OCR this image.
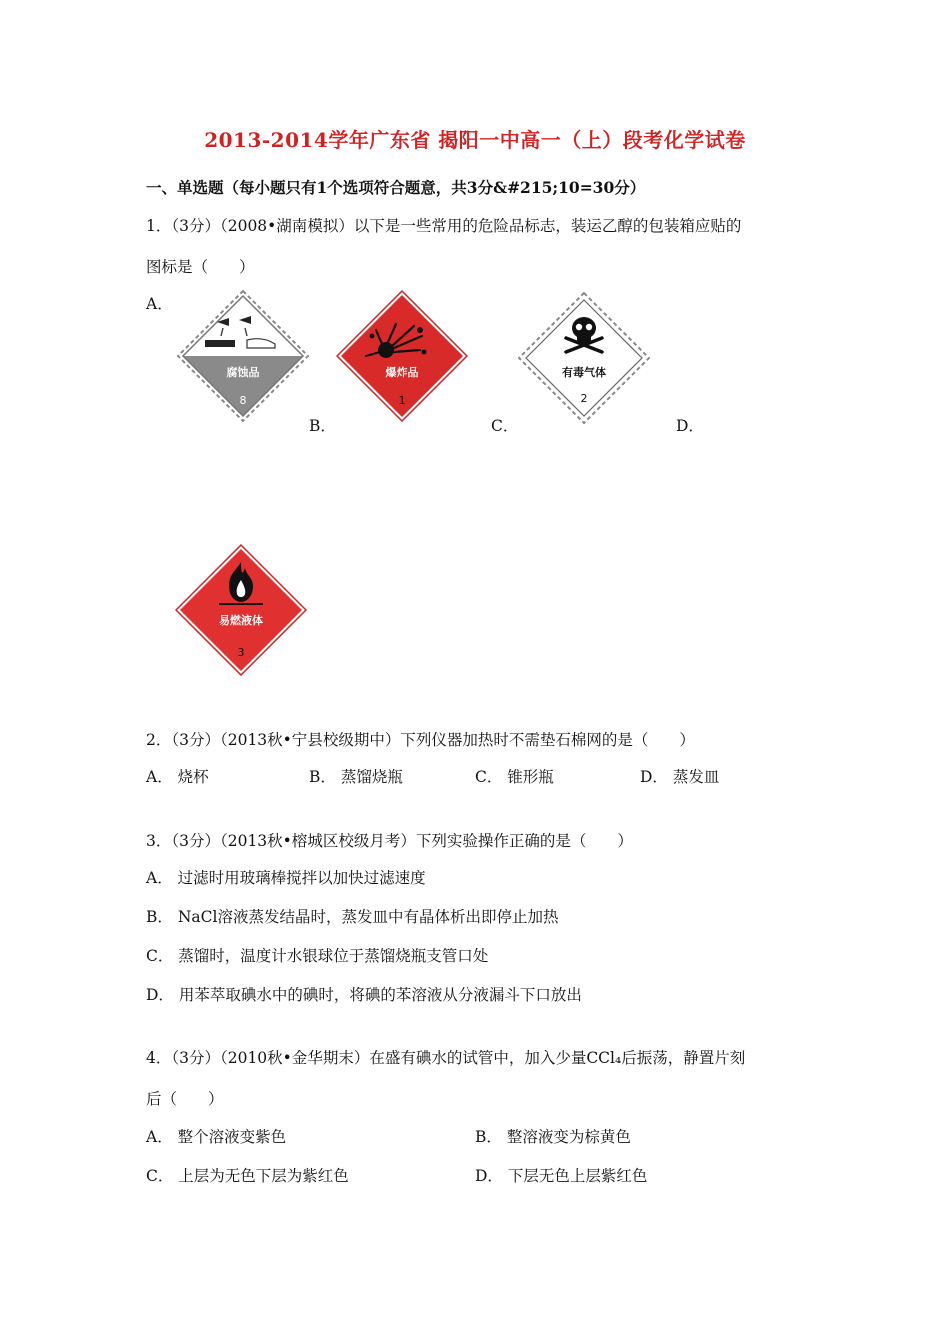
2013-2014学年广东省 揭阳一中高一（上）段考化学试卷
一、单选题（每小题只有1个选项符合题意，共3分&#215;10=30分）
1．（3分）（2008•湖南模拟）以下是一些常用的危险品标志，装运乙醇的包装箱应贴的
图标是（　　）
A．
腐蚀品
8
B．
爆炸品
1
C．
有毒气体
2
D．
易燃液体
3
2．（3分）（2013秋•宁县校级期中）下列仪器加热时不需垫石棉网的是（　　）
A． 烧杯	B． 蒸馏烧瓶	C． 锥形瓶	D． 蒸发皿
3．（3分）（2013秋•榕城区校级月考）下列实验操作正确的是（　　）
A． 过滤时用玻璃棒搅拌以加快过滤速度
B． NaCl溶液蒸发结晶时，蒸发皿中有晶体析出即停止加热
C． 蒸馏时，温度计水银球位于蒸馏烧瓶支管口处
D． 用苯萃取碘水中的碘时，将碘的苯溶液从分液漏斗下口放出
4．（3分）（2010秋•金华期末）在盛有碘水的试管中，加入少量CCl₄后振荡，静置片刻
后（　　）
A． 整个溶液变紫色	B． 整溶液变为棕黄色
C． 上层为无色下层为紫红色	D． 下层无色上层紫红色
